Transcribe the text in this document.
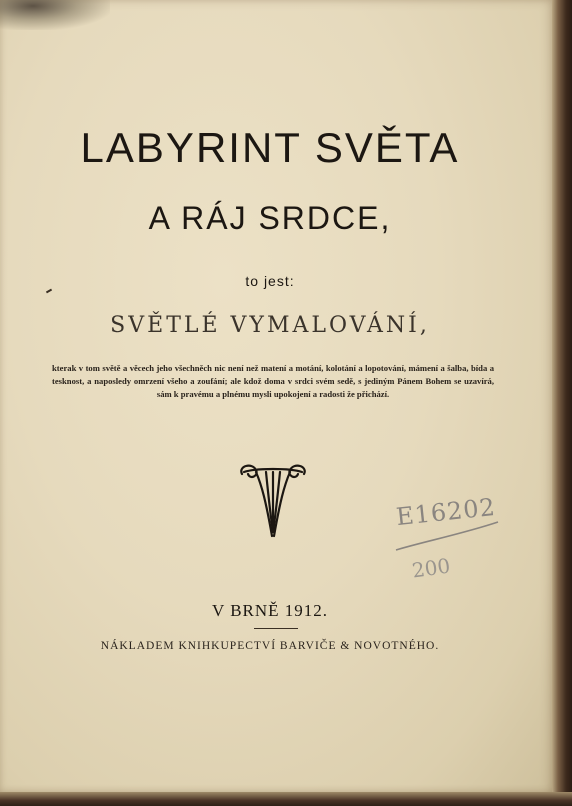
LABYRINT SVĚTA
A RÁJ SRDCE,
to jest:
SVĚTLÉ VYMALOVÁNÍ,
kterak v tom světě a věcech jeho všechněch nic není než matení a motání, kolotání a lopotování, mámení a šalba, bída a tesknost, a naposledy omrzení všeho a zoufání; ale kdož doma v srdci svém sedě, s jediným Pánem Bohem se uzavírá, sám k pravému a plnému mysli upokojení a radosti že přichází.
E16202
200
V BRNĚ 1912.
NÁKLADEM KNIHKUPECTVÍ BARVIČE & NOVOTNÉHO.
